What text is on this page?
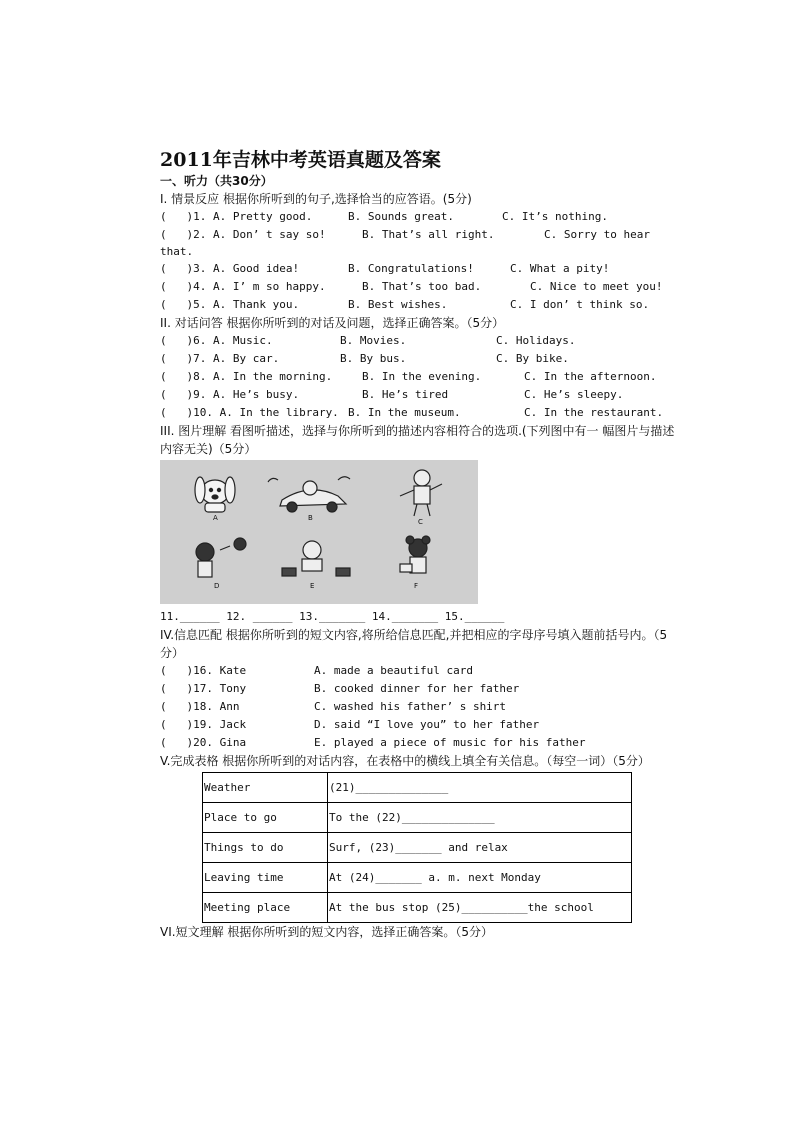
2011年吉林中考英语真题及答案
一、听力（共30分）
I. 情景反应 根据你所听到的句子,选择恰当的应答语。(5分)
(   )1. A. Pretty good.	B. Sounds great.	C. It’s nothing.
(   )2. A. Don’ t say so!	B. That’s all right.	C. Sorry to hear
that.
(   )3. A. Good idea!	B. Congratulations!	C. What a pity!
(   )4. A. I’ m so happy.	B. That’s too bad.	C. Nice to meet you!
(   )5. A. Thank you.	B. Best wishes.	C. I don’ t think so.
II. 对话问答 根据你所听到的对话及问题，选择正确答案。（5分）
(   )6. A. Music.	B. Movies.	C. Holidays.
(   )7. A. By car.	B. By bus.	C. By bike.
(   )8. A. In the morning.	B. In the evening.	C. In the afternoon.
(   )9. A. He’s busy.	B. He’s tired	C. He’s sleepy.
(   )10. A. In the library. B. In the museum.	C. In the restaurant.
III. 图片理解 看图听描述，选择与你所听到的描述内容相符合的选项.(下列图中有一 幅图片与描述内容无关)（5分）
A	B	C
D	E	F
11.______ 12. ______ 13._______ 14._______ 15.______
IV.信息匹配 根据你所听到的短文内容,将所给信息匹配,并把相应的字母序号填入题前括号内。（5分）
(   )16. Kate	A. made a beautiful card
(   )17. Tony	B. cooked dinner for her father
(   )18. Ann	C. washed his father’ s shirt
(   )19. Jack	D. said “I love you” to her father
(   )20. Gina	E. played a piece of music for his father
V.完成表格 根据你所听到的对话内容，在表格中的横线上填全有关信息。（每空一词）（5分）
Weather	(21)______________
Place to go	To the (22)______________
Things to do	Surf, (23)_______ and relax
Leaving time	At (24)_______ a. m. next Monday
Meeting place	At the bus stop (25)__________the school
VI.短文理解 根据你所听到的短文内容，选择正确答案。（5分）
